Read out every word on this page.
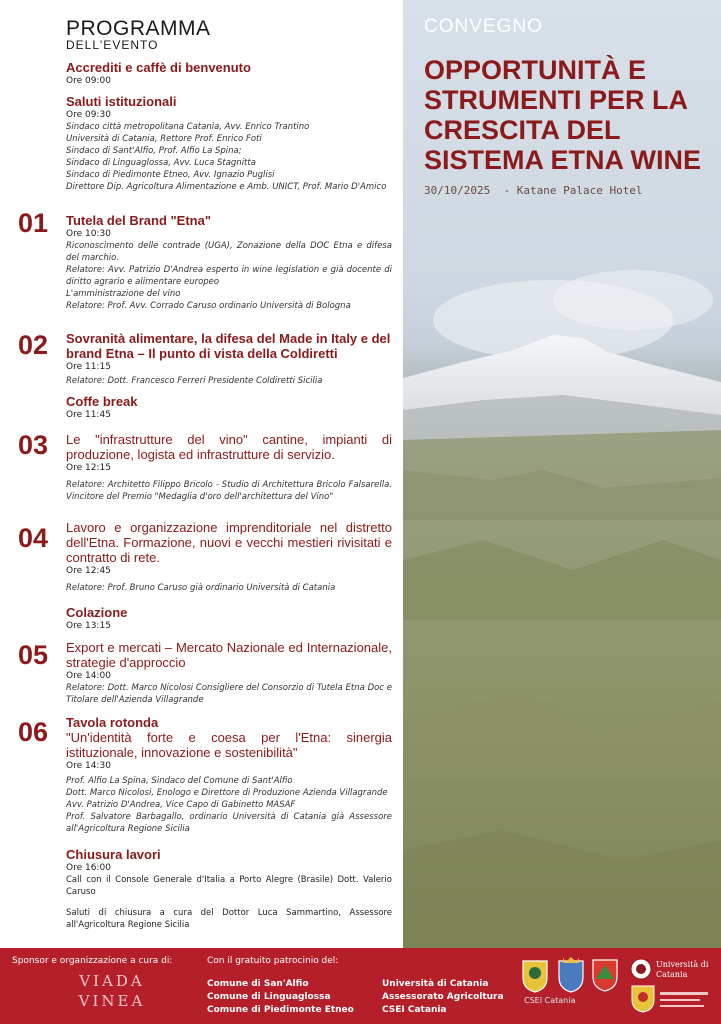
CONVEGNO
OPPORTUNITÀ E
STRUMENTI PER LA
CRESCITA DEL
SISTEMA ETNA WINE
30/10/2025 - Katane Palace Hotel
PROGRAMMA
DELL'EVENTO
Accrediti e caffè di benvenuto
Ore 09:00
Saluti istituzionali
Ore 09:30
Sindaco città metropolitana Catania, Avv. Enrico Trantino
Università di Catania, Rettore Prof. Enrico Foti
Sindaco di Sant'Alfio, Prof. Alfio La Spina;
Sindaco di Linguaglossa, Avv. Luca Stagnitta
Sindaco di Piedimonte Etneo, Avv. Ignazio Puglisi
Direttore Dip. Agricoltura Alimentazione e Amb. UNICT, Prof. Mario D'Amico
01 Tutela del Brand "Etna"
Ore 10:30
Riconoscimento delle contrade (UGA), Zonazione della DOC Etna e difesa del marchio.
Relatore: Avv. Patrizio D'Andrea esperto in wine legislation e già docente di diritto agrario e alimentare europeo
L'amministrazione del vino
Relatore: Prof. Avv. Corrado Caruso ordinario Università di Bologna
02 Sovranità alimentare, la difesa del Made in Italy e del brand Etna – Il punto di vista della Coldiretti
Ore 11:15
Relatore: Dott. Francesco Ferreri Presidente Coldiretti Sicilia
Coffe break
Ore 11:45
03 Le "infrastrutture del vino" cantine, impianti di produzione, logista ed infrastrutture di servizio.
Ore 12:15
Relatore: Architetto Filippo Bricolo - Studio di Architettura Bricolo Falsarella. Vincitore del Premio "Medaglia d'oro dell'architettura del Vino"
04 Lavoro e organizzazione imprenditoriale nel distretto dell'Etna. Formazione, nuovi e vecchi mestieri rivisitati e contratto di rete.
Ore 12:45
Relatore: Prof. Bruno Caruso già ordinario Università di Catania
Colazione
Ore 13:15
05 Export e mercati – Mercato Nazionale ed Internazionale, strategie d'approccio
Ore 14:00
Relatore: Dott. Marco Nicolosi Consigliere del Consorzio di Tutela Etna Doc e Titolare dell'Azienda Villagrande
06 Tavola rotonda
"Un'identità forte e coesa per l'Etna: sinergia istituzionale, innovazione e sostenibilità"
Ore 14:30
Prof. Alfio La Spina, Sindaco del Comune di Sant'Alfio
Dott. Marco Nicolosi, Enologo e Direttore di Produzione Azienda Villagrande
Avv. Patrizio D'Andrea, Vice Capo di Gabinetto MASAF
Prof. Salvatore Barbagallo, ordinario Università di Catania già Assessore all'Agricoltura Regione Sicilia
Chiusura lavori
Ore 16:00
Call con il Console Generale d'Italia a Porto Alegre (Brasile) Dott. Valerio Caruso
Saluti di chiusura a cura del Dottor Luca Sammartino, Assessore all'Agricoltura Regione Sicilia
Sponsor e organizzazione a cura di:
VIADA
VINEA
Con il gratuito patrocinio del:
Comune di San'Alfio
Comune di Linguaglossa
Comune di Piedimonte Etneo
Università di Catania
Assessorato Agricoltura
CSEI Catania
CSEI Catania
Università di Catania
